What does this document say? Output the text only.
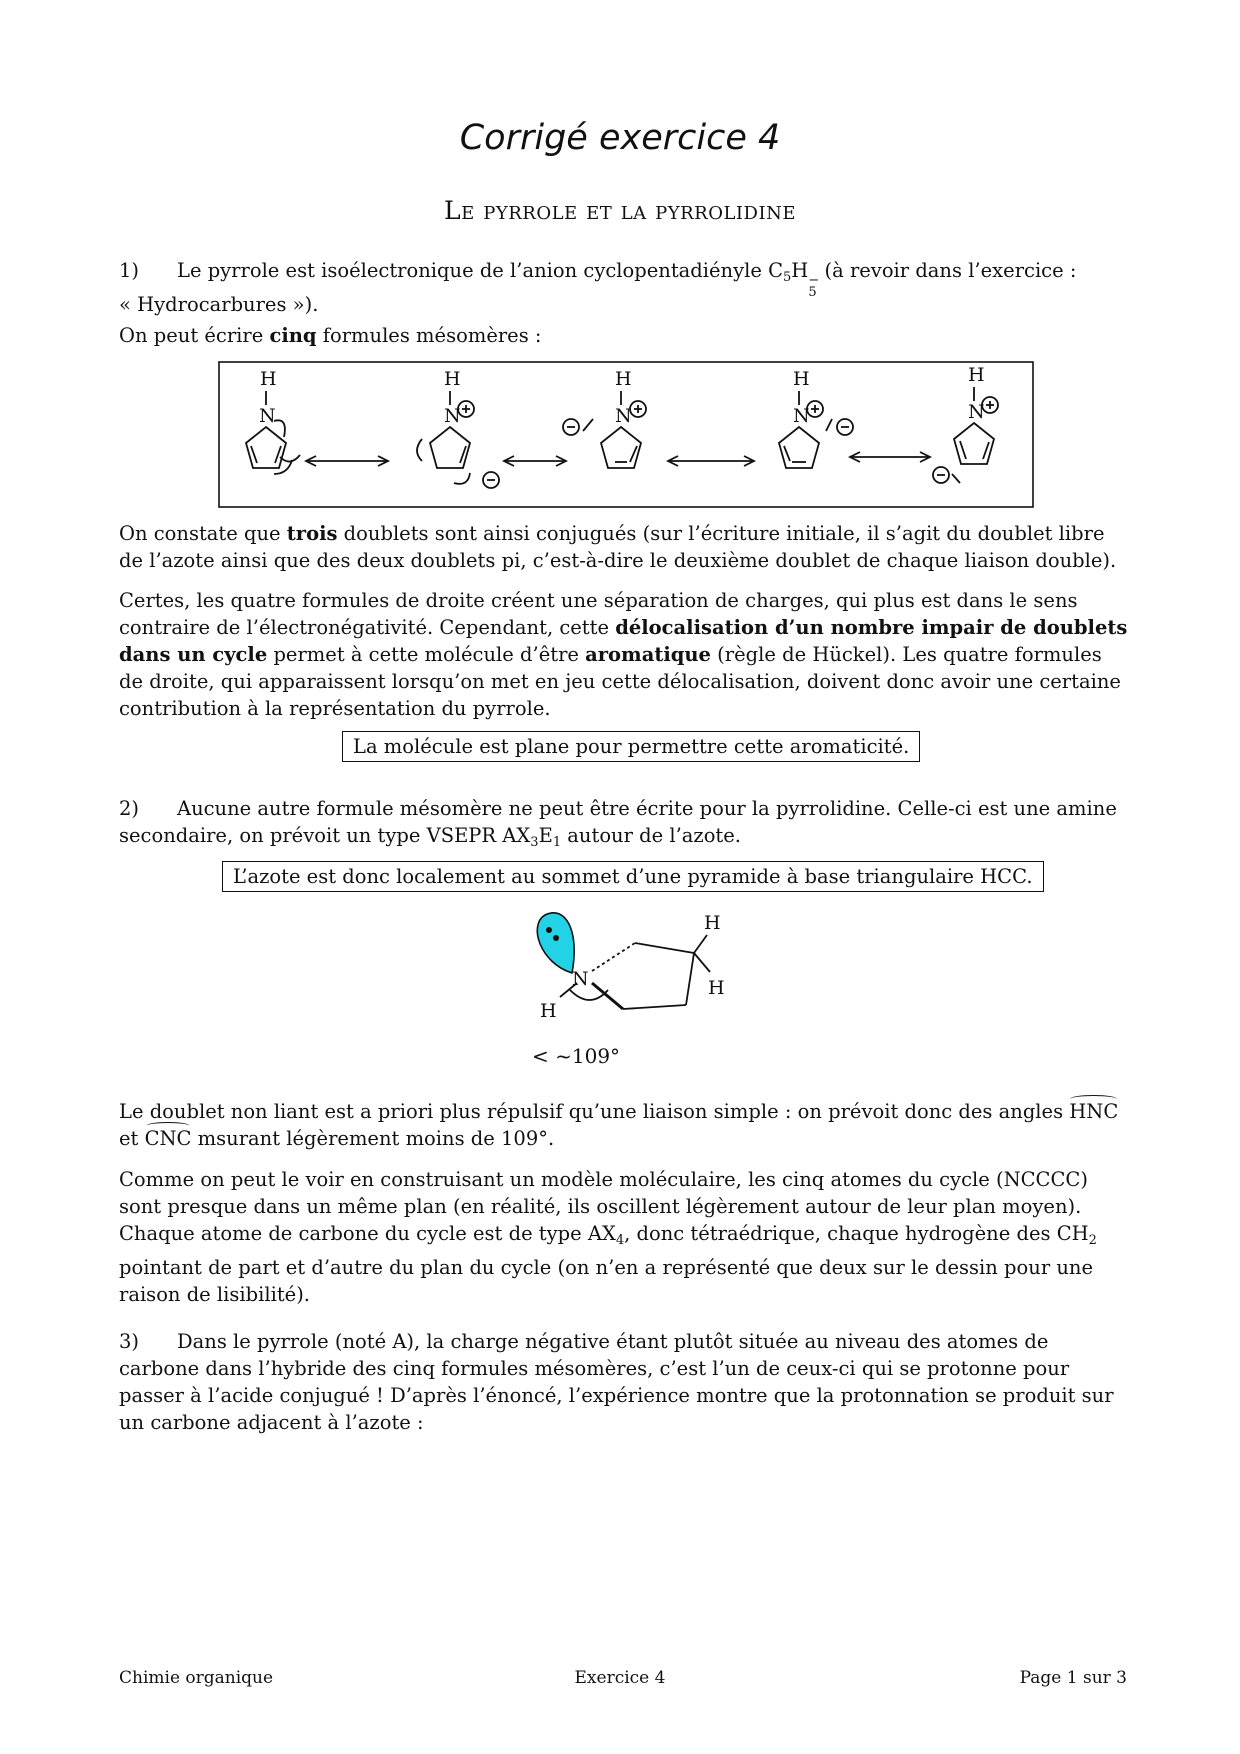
Corrigé exercice 4
Le pyrrole et la pyrrolidine

1) Le pyrrole est isoélectronique de l’anion cyclopentadiényle $C_5H$ −
5
(à revoir dans l’exercice :
« Hydrocarbures »).

On peut écrire cinq formules mésomères :

H
N
H
N
H
N
H
N
H
N

On constate que trois doublets sont ainsi conjugués (sur l’écriture initiale, il s’agit du doublet libre de l’azote ainsi que des deux doublets pi, c’est-à-dire le deuxième doublet de chaque liaison double).

Certes, les quatre formules de droite créent une séparation de charges, qui plus est dans le sens contraire de l’électronégativité. Cependant, cette délocalisation d’un nombre impair de doublets dans un cycle permet à cette molécule d’être aromatique (règle de Hückel). Les quatre formules de droite, qui apparaissent lorsqu’on met en jeu cette délocalisation, doivent donc avoir une certaine contribution à la représentation du pyrrole.

La molécule est plane pour permettre cette aromaticité.

2) Aucune autre formule mésomère ne peut être écrite pour la pyrrolidine. Celle-ci est une amine secondaire, on prévoit un type VSEPR $AX_3E_1$ autour de l’azote.

L’azote est donc localement au sommet d’une pyramide à base triangulaire HCC.
N
H
H
H
< ~109°

Le doublet non liant est a priori plus répulsif qu’une liaison simple : on prévoit donc des angles HNC et CNC msurant légèrement moins de 109°.

Comme on peut le voir en construisant un modèle moléculaire, les cinq atomes du cycle (NCCCC) sont presque dans un même plan (en réalité, ils oscillent légèrement autour de leur plan moyen). Chaque atome de carbone du cycle est de type $AX_4$, donc tétraédrique, chaque hydrogène des $CH_2$ pointant de part et d’autre du plan du cycle (on n’en a représenté que deux sur le dessin pour une raison de lisibilité).

3) Dans le pyrrole (noté A), la charge négative étant plutôt située au niveau des atomes de carbone dans l’hybride des cinq formules mésomères, c’est l’un de ceux-ci qui se protonne pour passer à l’acide conjugué ! D’après l’énoncé, l’expérience montre que la protonnation se produit sur un carbone adjacent à l’azote :

Chimie organique	Exercice 4	Page 1 sur 3
